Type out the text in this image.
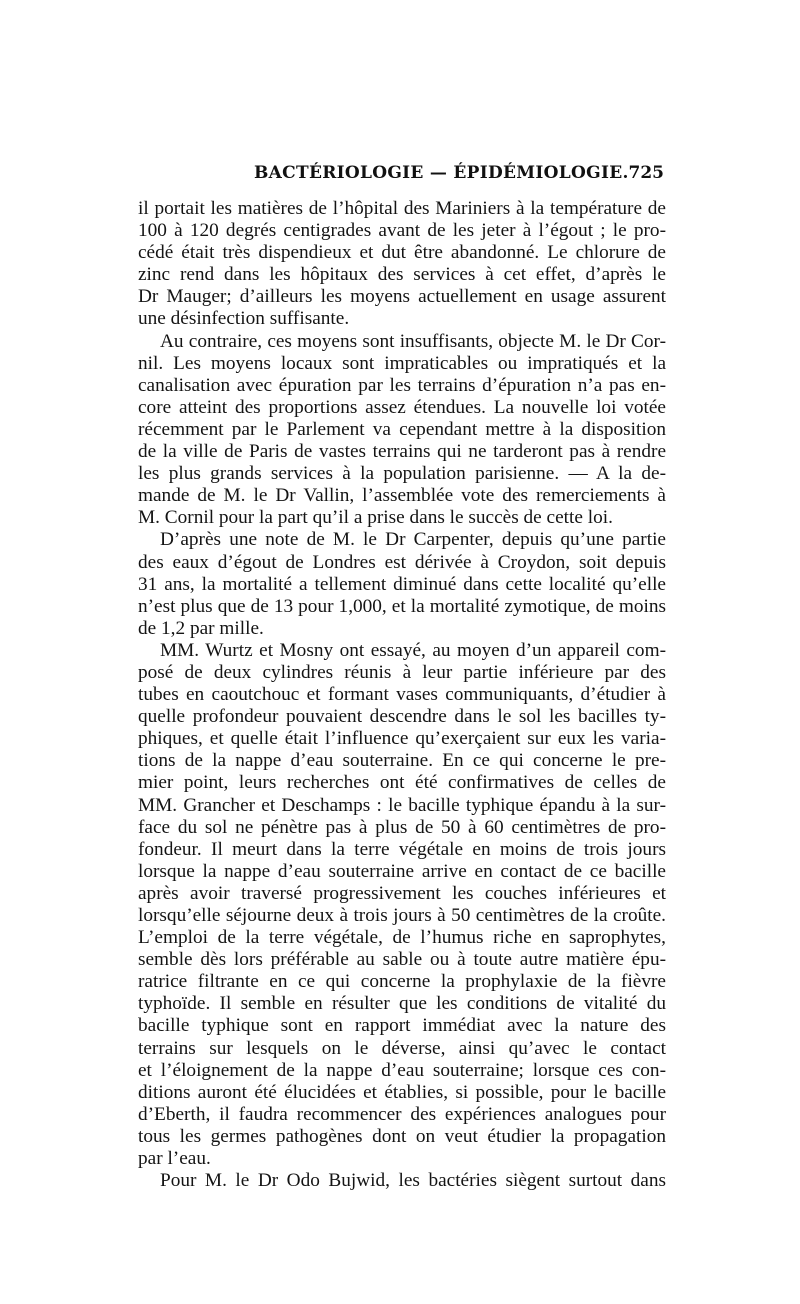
BACTÉRIOLOGIE — ÉPIDÉMIOLOGIE. 725
il portait les matières de l’hôpital des Mariniers à la température de
100 à 120 degrés centigrades avant de les jeter à l’égout ; le pro-
cédé était très dispendieux et dut être abandonné. Le chlorure de
zinc rend dans les hôpitaux des services à cet effet, d’après le
Dr Mauger; d’ailleurs les moyens actuellement en usage assurent
une désinfection suffisante.
Au contraire, ces moyens sont insuffisants, objecte M. le Dr Cor-
nil. Les moyens locaux sont impraticables ou impratiqués et la
canalisation avec épuration par les terrains d’épuration n’a pas en-
core atteint des proportions assez étendues. La nouvelle loi votée
récemment par le Parlement va cependant mettre à la disposition
de la ville de Paris de vastes terrains qui ne tarderont pas à rendre
les plus grands services à la population parisienne. — A la de-
mande de M. le Dr Vallin, l’assemblée vote des remerciements à
M. Cornil pour la part qu’il a prise dans le succès de cette loi.
D’après une note de M. le Dr Carpenter, depuis qu’une partie
des eaux d’égout de Londres est dérivée à Croydon, soit depuis
31 ans, la mortalité a tellement diminué dans cette localité qu’elle
n’est plus que de 13 pour 1,000, et la mortalité zymotique, de moins
de 1,2 par mille.
MM. Wurtz et Mosny ont essayé, au moyen d’un appareil com-
posé de deux cylindres réunis à leur partie inférieure par des
tubes en caoutchouc et formant vases communiquants, d’étudier à
quelle profondeur pouvaient descendre dans le sol les bacilles ty-
phiques, et quelle était l’influence qu’exerçaient sur eux les varia-
tions de la nappe d’eau souterraine. En ce qui concerne le pre-
mier point, leurs recherches ont été confirmatives de celles de
MM. Grancher et Deschamps : le bacille typhique épandu à la sur-
face du sol ne pénètre pas à plus de 50 à 60 centimètres de pro-
fondeur. Il meurt dans la terre végétale en moins de trois jours
lorsque la nappe d’eau souterraine arrive en contact de ce bacille
après avoir traversé progressivement les couches inférieures et
lorsqu’elle séjourne deux à trois jours à 50 centimètres de la croûte.
L’emploi de la terre végétale, de l’humus riche en saprophytes,
semble dès lors préférable au sable ou à toute autre matière épu-
ratrice filtrante en ce qui concerne la prophylaxie de la fièvre
typhoïde. Il semble en résulter que les conditions de vitalité du
bacille typhique sont en rapport immédiat avec la nature des
terrains sur lesquels on le déverse, ainsi qu’avec le contact
et l’éloignement de la nappe d’eau souterraine; lorsque ces con-
ditions auront été élucidées et établies, si possible, pour le bacille
d’Eberth, il faudra recommencer des expériences analogues pour
tous les germes pathogènes dont on veut étudier la propagation
par l’eau.
Pour M. le Dr Odo Bujwid, les bactéries siègent surtout dans
